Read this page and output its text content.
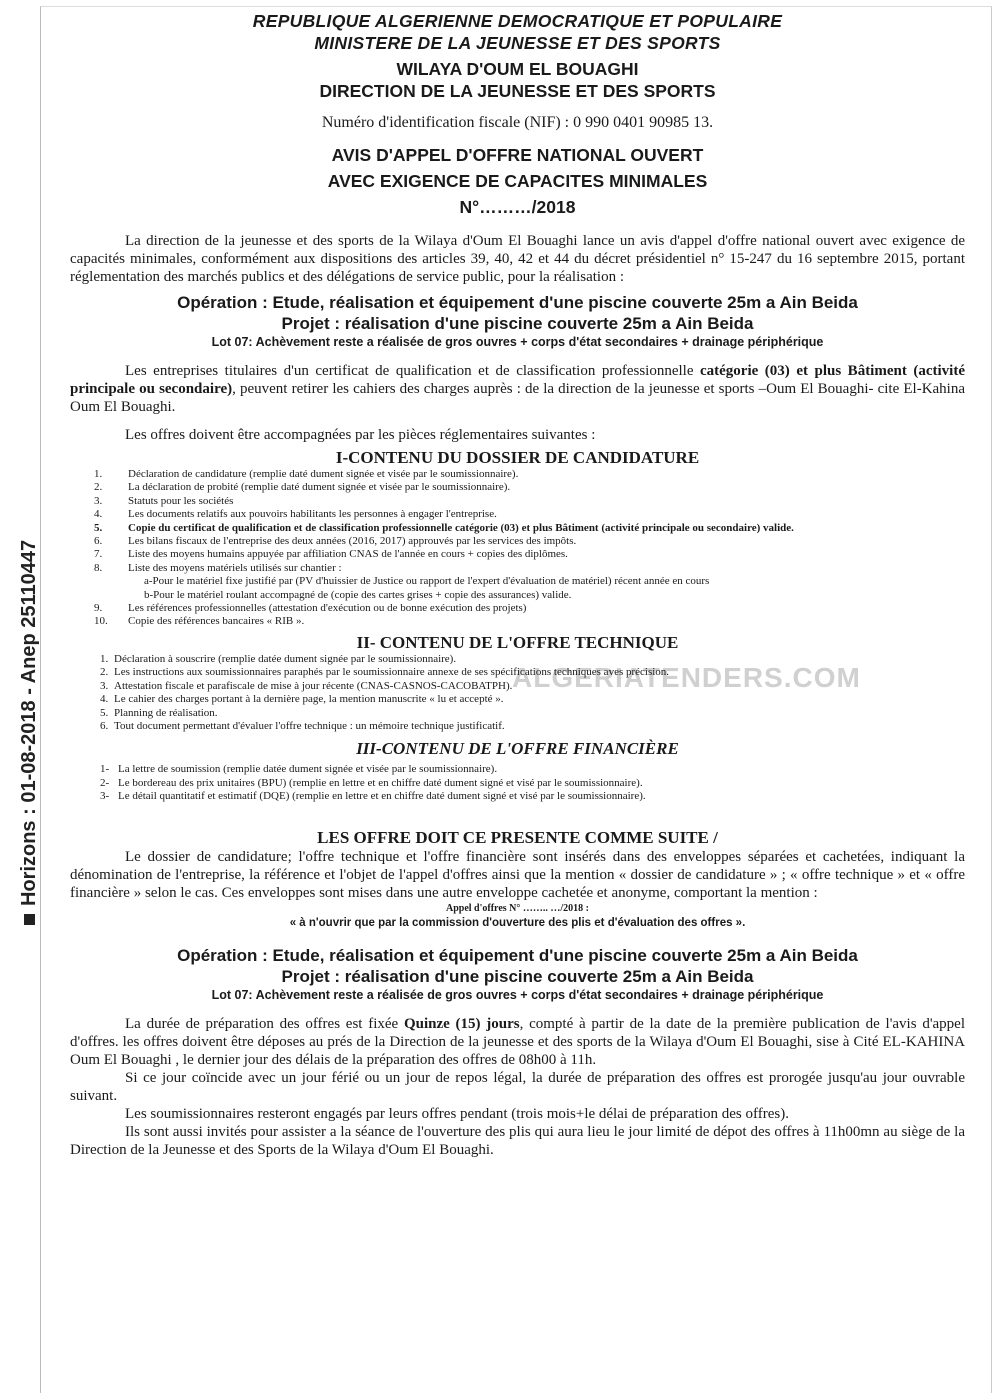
Horizons : 01-08-2018 - Anep 25110447	ALGERIATENDERS.COM
REPUBLIQUE ALGERIENNE DEMOCRATIQUE ET POPULAIRE
MINISTERE DE LA JEUNESSE ET DES SPORTS
WILAYA D'OUM EL BOUAGHI
DIRECTION DE LA JEUNESSE ET DES SPORTS
Numéro d'identification fiscale (NIF) : 0 990 0401 90985 13.
AVIS D'APPEL D'OFFRE NATIONAL OUVERT
AVEC EXIGENCE DE CAPACITES MINIMALES
N°………/2018
La direction de la jeunesse et des sports de la Wilaya d'Oum El Bouaghi lance un avis d'appel d'offre national ouvert avec exigence de capacités minimales, conformément aux dispositions des articles 39, 40, 42 et 44 du décret présidentiel n° 15-247 du 16 septembre 2015, portant réglementation des marchés publics et des délégations de service public, pour la réalisation :
Opération : Etude, réalisation et équipement d'une piscine couverte 25m a Ain Beida
Projet : réalisation d'une piscine couverte 25m a Ain Beida
Lot 07: Achèvement reste a réalisée de gros ouvres + corps d'état secondaires + drainage périphérique
Les entreprises titulaires d'un certificat de qualification et de classification professionnelle catégorie (03) et plus Bâtiment (activité principale ou secondaire), peuvent retirer les cahiers des charges auprès : de la direction de la jeunesse et sports –Oum El Bouaghi- cite El-Kahina Oum El Bouaghi.
Les offres doivent être accompagnées par les pièces réglementaires suivantes :
I-CONTENU DU DOSSIER DE CANDIDATURE
1. Déclaration de candidature (remplie daté dument signée et visée par le soumissionnaire).
2. La déclaration de probité (remplie daté dument signée et visée par le soumissionnaire).
3. Statuts pour les sociétés
4. Les documents relatifs aux pouvoirs habilitants les personnes à engager l'entreprise.
5. Copie du certificat de qualification et de classification professionnelle catégorie (03) et plus Bâtiment (activité principale ou secondaire) valide.
6. Les bilans fiscaux de l'entreprise des deux années (2016, 2017) approuvés par les services des impôts.
7. Liste des moyens humains appuyée par affiliation CNAS de l'année en cours + copies des diplômes.
8. Liste des moyens matériels utilisés sur chantier :
a-Pour le matériel fixe justifié par (PV d'huissier de Justice ou rapport de l'expert d'évaluation de matériel) récent année en cours
b-Pour le matériel roulant accompagné de (copie des cartes grises + copie des assurances) valide.
9. Les références professionnelles (attestation d'exécution ou de bonne exécution des projets)
10. Copie des références bancaires « RIB ».
II- CONTENU DE L'OFFRE TECHNIQUE
1. Déclaration à souscrire (remplie datée dument signée par le soumissionnaire).
2. Les instructions aux soumissionnaires paraphés par le soumissionnaire annexe de ses spécifications techniques aves précision.
3. Attestation fiscale et parafiscale de mise à jour récente (CNAS-CASNOS-CACOBATPH).
4. Le cahier des charges portant à la dernière page, la mention manuscrite « lu et accepté ».
5. Planning de réalisation.
6. Tout document permettant d'évaluer l'offre technique : un mémoire technique justificatif.
III-CONTENU DE L'OFFRE FINANCIÈRE
1- La lettre de soumission (remplie datée dument signée et visée par le soumissionnaire).
2- Le bordereau des prix unitaires (BPU) (remplie en lettre et en chiffre daté dument signé et visé par le soumissionnaire).
3- Le détail quantitatif et estimatif (DQE) (remplie en lettre et en chiffre daté dument signé et visé par le soumissionnaire).
LES OFFRE DOIT CE PRESENTE COMME SUITE /
Le dossier de candidature; l'offre technique et l'offre financière sont insérés dans des enveloppes séparées et cachetées, indiquant la dénomination de l'entreprise, la référence et l'objet de l'appel d'offres ainsi que la mention « dossier de candidature » ; « offre technique » et « offre financière » selon le cas. Ces enveloppes sont mises dans une autre enveloppe cachetée et anonyme, comportant la mention :
Appel d'offres N° …….. …/2018 :
« à n'ouvrir que par la commission d'ouverture des plis et d'évaluation des offres ».
Opération : Etude, réalisation et équipement d'une piscine couverte 25m a Ain Beida
Projet : réalisation d'une piscine couverte 25m a Ain Beida
Lot 07: Achèvement reste a réalisée de gros ouvres + corps d'état secondaires + drainage périphérique
La durée de préparation des offres est fixée Quinze (15) jours, compté à partir de la date de la première publication de l'avis d'appel d'offres. les offres doivent être déposes au prés de la Direction de la jeunesse et des sports de la Wilaya d'Oum El Bouaghi, sise à Cité EL-KAHINA Oum El Bouaghi , le dernier jour des délais de la préparation des offres de 08h00 à 11h.
Si ce jour coïncide avec un jour férié ou un jour de repos légal, la durée de préparation des offres est prorogée jusqu'au jour ouvrable suivant.
Les soumissionnaires resteront engagés par leurs offres pendant (trois mois+le délai de préparation des offres).
Ils sont aussi invités pour assister a la séance de l'ouverture des plis qui aura lieu le jour limité de dépot des offres à 11h00mn au siège de la Direction de la Jeunesse et des Sports de la Wilaya d'Oum El Bouaghi.
